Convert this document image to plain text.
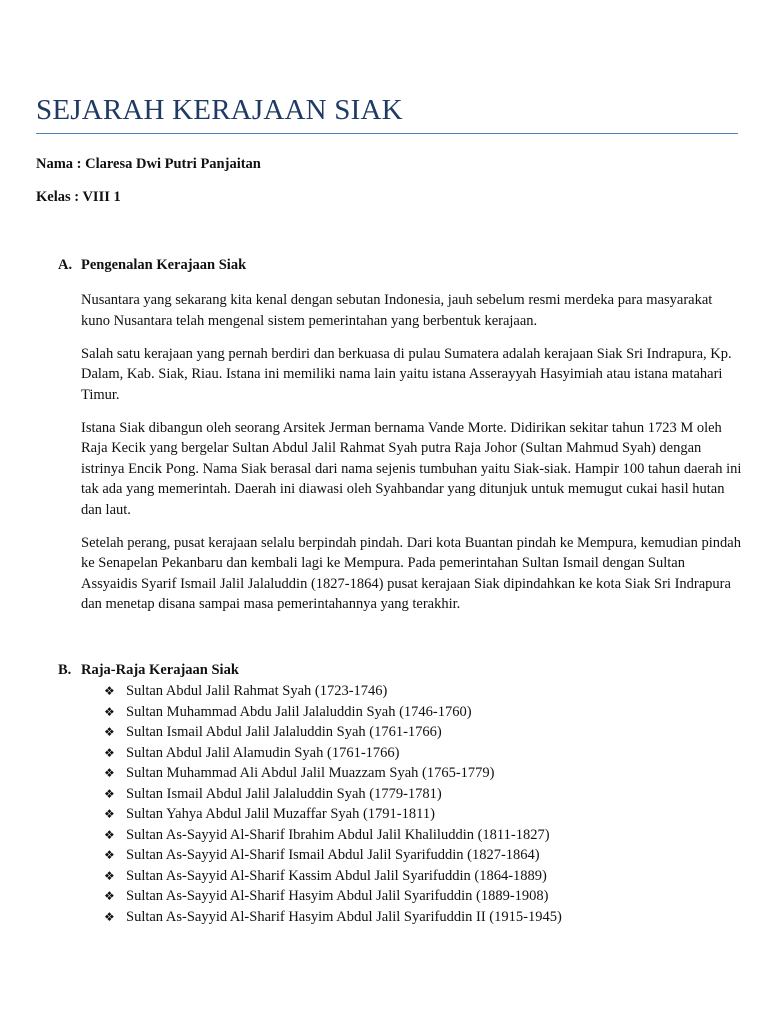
SEJARAH KERAJAAN SIAK
Nama : Claresa Dwi Putri Panjaitan
Kelas : VIII 1
A. Pengenalan Kerajaan Siak

Nusantara yang sekarang kita kenal dengan sebutan Indonesia, jauh sebelum resmi merdeka para masyarakat kuno Nusantara telah mengenal sistem pemerintahan yang berbentuk kerajaan.

Salah satu kerajaan yang pernah berdiri dan berkuasa di pulau Sumatera adalah kerajaan Siak Sri Indrapura, Kp. Dalam, Kab. Siak, Riau. Istana ini memiliki nama lain yaitu istana Asserayyah Hasyimiah atau istana matahari Timur.

Istana Siak dibangun oleh seorang Arsitek Jerman bernama Vande Morte. Didirikan sekitar tahun 1723 M oleh Raja Kecik yang bergelar Sultan Abdul Jalil Rahmat Syah putra Raja Johor (Sultan Mahmud Syah) dengan istrinya Encik Pong. Nama Siak berasal dari nama sejenis tumbuhan yaitu Siak-siak. Hampir 100 tahun daerah ini tak ada yang memerintah. Daerah ini diawasi oleh Syahbandar yang ditunjuk untuk memugut cukai hasil hutan dan laut.

Setelah perang, pusat kerajaan selalu berpindah pindah. Dari kota Buantan pindah ke Mempura, kemudian pindah ke Senapelan Pekanbaru dan kembali lagi ke Mempura. Pada pemerintahan Sultan Ismail dengan Sultan Assyaidis Syarif Ismail Jalil Jalaluddin (1827-1864) pusat kerajaan Siak dipindahkan ke kota Siak Sri Indrapura dan menetap disana sampai masa pemerintahannya yang terakhir.

B. Raja-Raja Kerajaan Siak
❖ Sultan Abdul Jalil Rahmat Syah (1723-1746)
❖ Sultan Muhammad Abdu Jalil Jalaluddin Syah (1746-1760)
❖ Sultan Ismail Abdul Jalil Jalaluddin Syah (1761-1766)
❖ Sultan Abdul Jalil Alamudin Syah (1761-1766)
❖ Sultan Muhammad Ali Abdul Jalil Muazzam Syah (1765-1779)
❖ Sultan Ismail Abdul Jalil Jalaluddin Syah (1779-1781)
❖ Sultan Yahya Abdul Jalil Muzaffar Syah (1791-1811)
❖ Sultan As-Sayyid Al-Sharif Ibrahim Abdul Jalil Khaliluddin (1811-1827)
❖ Sultan As-Sayyid Al-Sharif Ismail Abdul Jalil Syarifuddin (1827-1864)
❖ Sultan As-Sayyid Al-Sharif Kassim Abdul Jalil Syarifuddin (1864-1889)
❖ Sultan As-Sayyid Al-Sharif Hasyim Abdul Jalil Syarifuddin (1889-1908)
❖ Sultan As-Sayyid Al-Sharif Hasyim Abdul Jalil Syarifuddin II (1915-1945)
